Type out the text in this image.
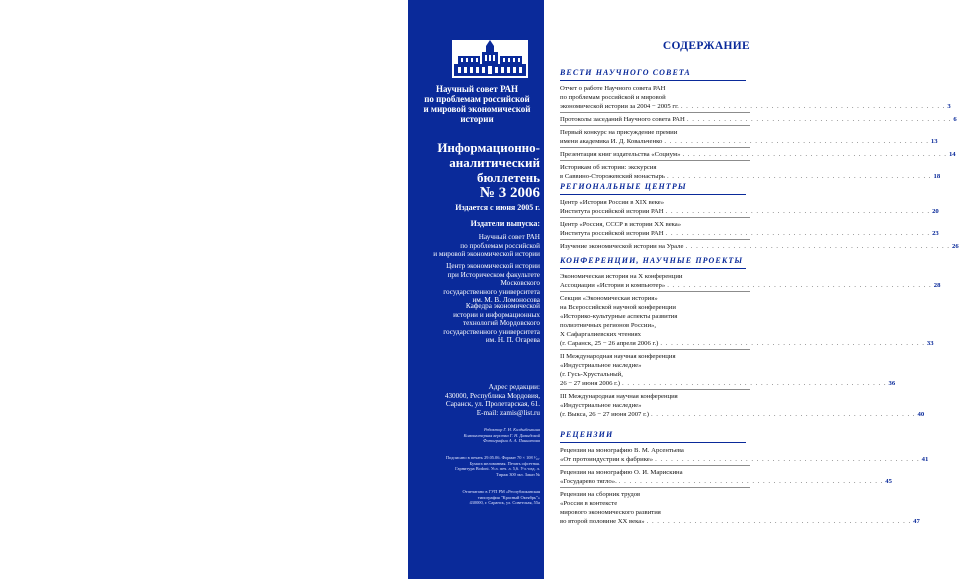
Научный совет РАН
по проблемам российской
и мировой экономической
истории
Информационно-
аналитический
бюллетень
№ 3 2006
Издается с июня 2005 г.
Издатели выпуска:
Научный совет РАН
по проблемам российской
и мировой экономической истории
Центр экономической истории
при Историческом факультете
Московского
государственного университета
им. М. В. Ломоносова
Кафедра экономической
истории и информационных
технологий Мордовского
государственного университета
им. Н. П. Огарева
Адрес редакции:
430000, Республика Мордовия,
Саранск, ул. Пролетарская, 61.
E-mail: zamis@list.ru
Редактор Г. Н. Колдыбенкина
Компьютерная верстка Г. Н. Давыдовой
Фотографии А. А. Пиниатова
Подписано в печать 29.05.06. Формат 70 × 108 ¹⁄₁₆.
Бумага мелованная. Печать офсетная.
Гарнитура Bodoni. Усл. печ. л. 5,6. Уч.-изд. л.
Тираж 300 экз. Заказ №
Отпечатано в ГУП РМ «Республиканская
типография "Красный Октябрь"»
430000, г. Саранск, ул. Советская, 55а
СОДЕРЖАНИЕ
ВЕСТИ НАУЧНОГО СОВЕТА
Отчет о работе Научного совета РАН
по проблемам российской и мировой
экономической истории за 2004 − 2005 гг. . . . . . . . . . . . . . . . . . . . . . . . . . . . . . . . . . . . . . . . . . . . . . . . . . . 3
Протоколы заседаний Научного совета РАН . . . . . . . . . . . . . . . . . . . . . . . . . . . . . . . . . . . . . . . . . . . . . . . . . . 6
Первый конкурс на присуждение премии
имени академика И. Д. Ковальченко . . . . . . . . . . . . . . . . . . . . . . . . . . . . . . . . . . . . . . . . . . . . . . . . . . 13
Презентация книг издательства «Социум» . . . . . . . . . . . . . . . . . . . . . . . . . . . . . . . . . . . . . . . . . . . . . . . . . . 14
Историкам об истории: экскурсия
в Саввино-Сторожевский монастырь . . . . . . . . . . . . . . . . . . . . . . . . . . . . . . . . . . . . . . . . . . . . . . . . . . 18
РЕГИОНАЛЬНЫЕ ЦЕНТРЫ
Центр «История России в XIX веке»
Института российской истории РАН . . . . . . . . . . . . . . . . . . . . . . . . . . . . . . . . . . . . . . . . . . . . . . . . . . 20
Центр «Россия, СССР в истории XX века»
Института российской истории РАН . . . . . . . . . . . . . . . . . . . . . . . . . . . . . . . . . . . . . . . . . . . . . . . . . . 23
Изучение экономической истории на Урале . . . . . . . . . . . . . . . . . . . . . . . . . . . . . . . . . . . . . . . . . . . . . . . . . . 26
КОНФЕРЕНЦИИ, НАУЧНЫЕ ПРОЕКТЫ
Экономическая история на X конференции
Ассоциации «История и компьютер» . . . . . . . . . . . . . . . . . . . . . . . . . . . . . . . . . . . . . . . . . . . . . . . . . . 28
Секция «Экономическая история»
на Всероссийской научной конференции
«Историко-культурные аспекты развития
полиэтничных регионов России»,
X Сафаргалиевских чтениях
(г. Саранск, 25 − 26 апреля 2006 г.) . . . . . . . . . . . . . . . . . . . . . . . . . . . . . . . . . . . . . . . . . . . . . . . . . . 33
II Международная научная конференция
«Индустриальное наследие»
(г. Гусь-Хрустальный,
26 − 27 июня 2006 г.) . . . . . . . . . . . . . . . . . . . . . . . . . . . . . . . . . . . . . . . . . . . . . . . . . . 36
III Международная научная конференция
«Индустриальное наследие»
(г. Выкса, 26 − 27 июня 2007 г.) . . . . . . . . . . . . . . . . . . . . . . . . . . . . . . . . . . . . . . . . . . . . . . . . . . 40
РЕЦЕНЗИИ
Рецензия на монографию В. М. Арсентьева
«От протоиндустрии к фабрике» . . . . . . . . . . . . . . . . . . . . . . . . . . . . . . . . . . . . . . . . . . . . . . . . . . 41
Рецензия на монографию О. И. Марискина
«Государево тягло». . . . . . . . . . . . . . . . . . . . . . . . . . . . . . . . . . . . . . . . . . . . . . . . . . . 45
Рецензия на сборник трудов
«Россия в контексте
мирового экономического развития
во второй половине XX века» . . . . . . . . . . . . . . . . . . . . . . . . . . . . . . . . . . . . . . . . . . . . . . . . . . 47
